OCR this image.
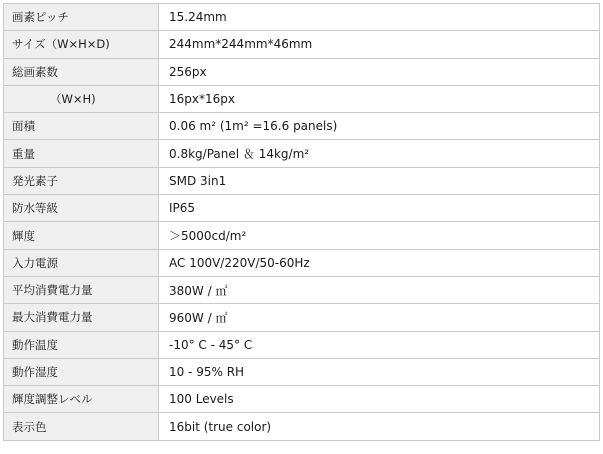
画素ピッチ	15.24mm
サイズ（W×H×D)	244mm*244mm*46mm
総画素数	256px
（W×H)	16px*16px
面積	0.06 m² (1m² =16.6 panels)
重量	0.8kg/Panel ＆ 14kg/m²
発光素子	SMD 3in1
防水等級	IP65
輝度	＞5000cd/m²
入力電源	AC 100V/220V/50-60Hz
平均消費電力量	380W / ㎡
最大消費電力量	960W / ㎡
動作温度	-10° C - 45° C
動作湿度	10 - 95% RH
輝度調整レベル	100 Levels
表示色	16bit (true color)
